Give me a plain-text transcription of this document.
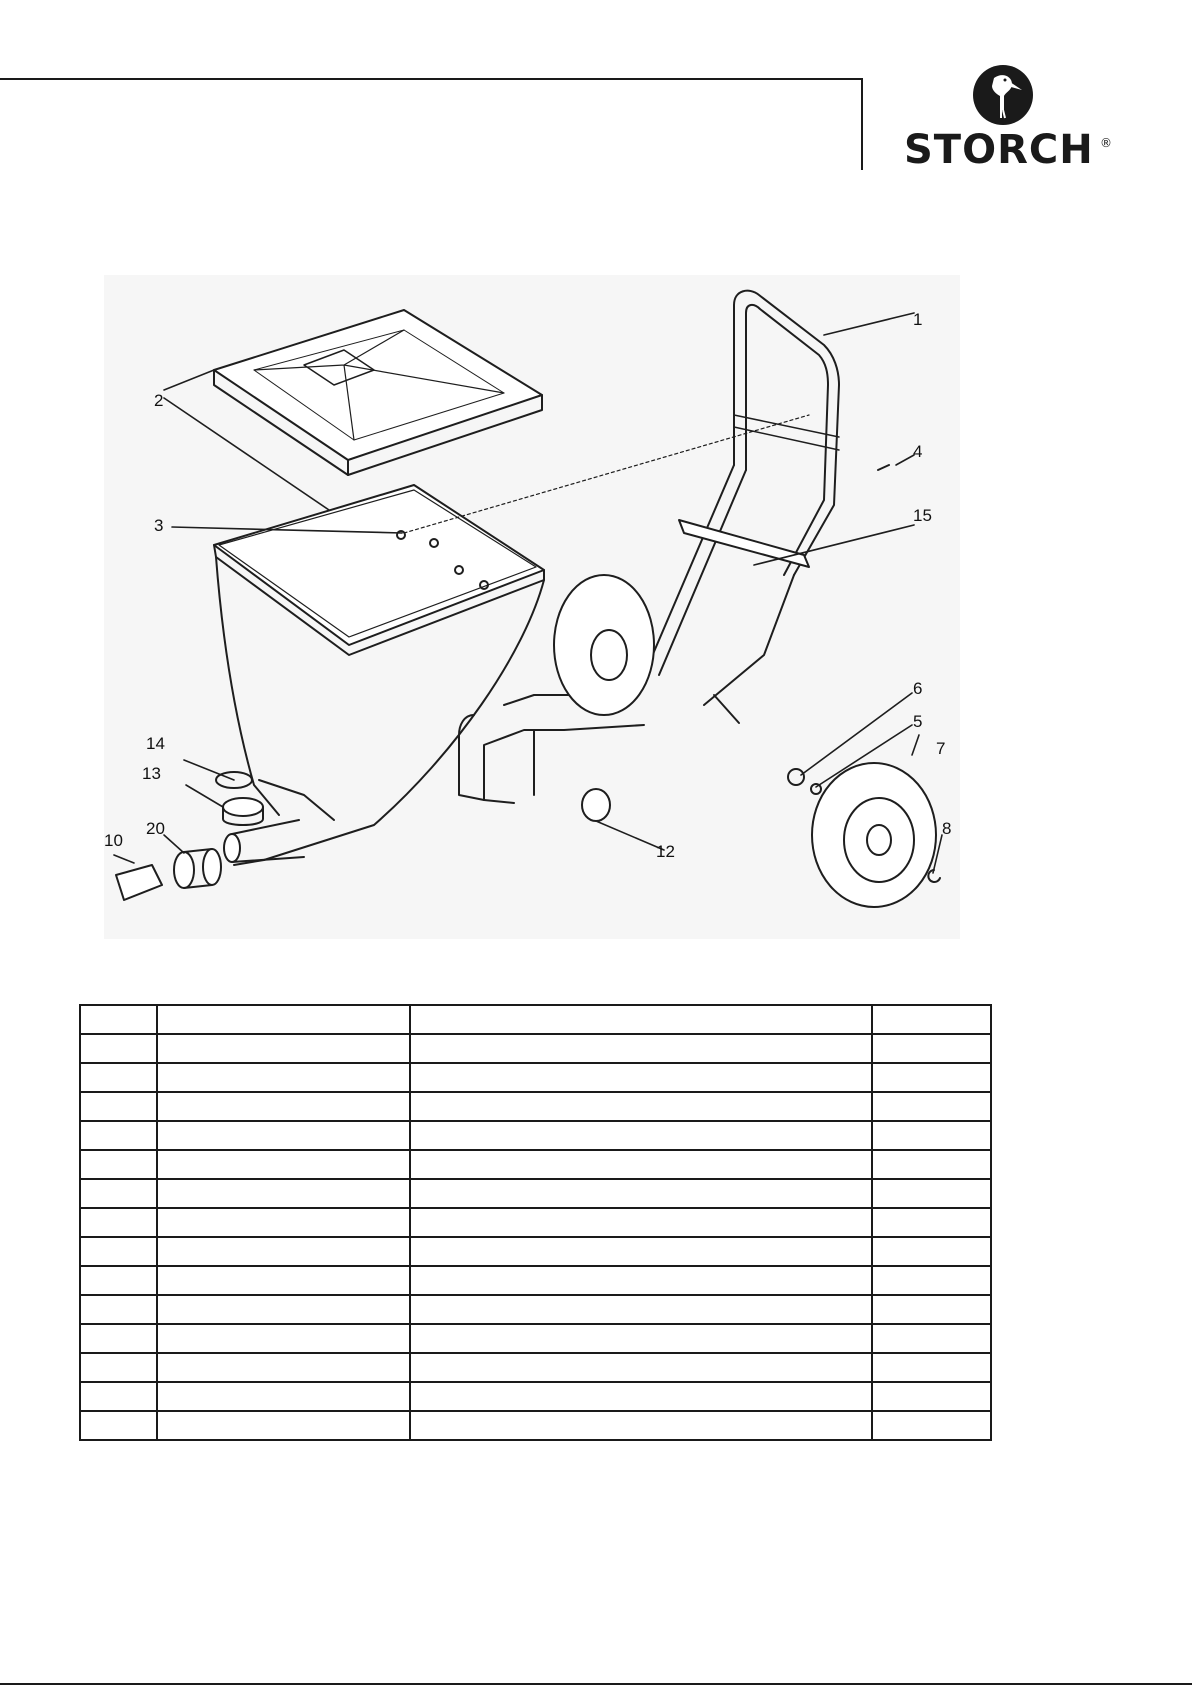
STORCH ®
1
2
3
4
5
6
7
8
10
12
13
14
15
20
